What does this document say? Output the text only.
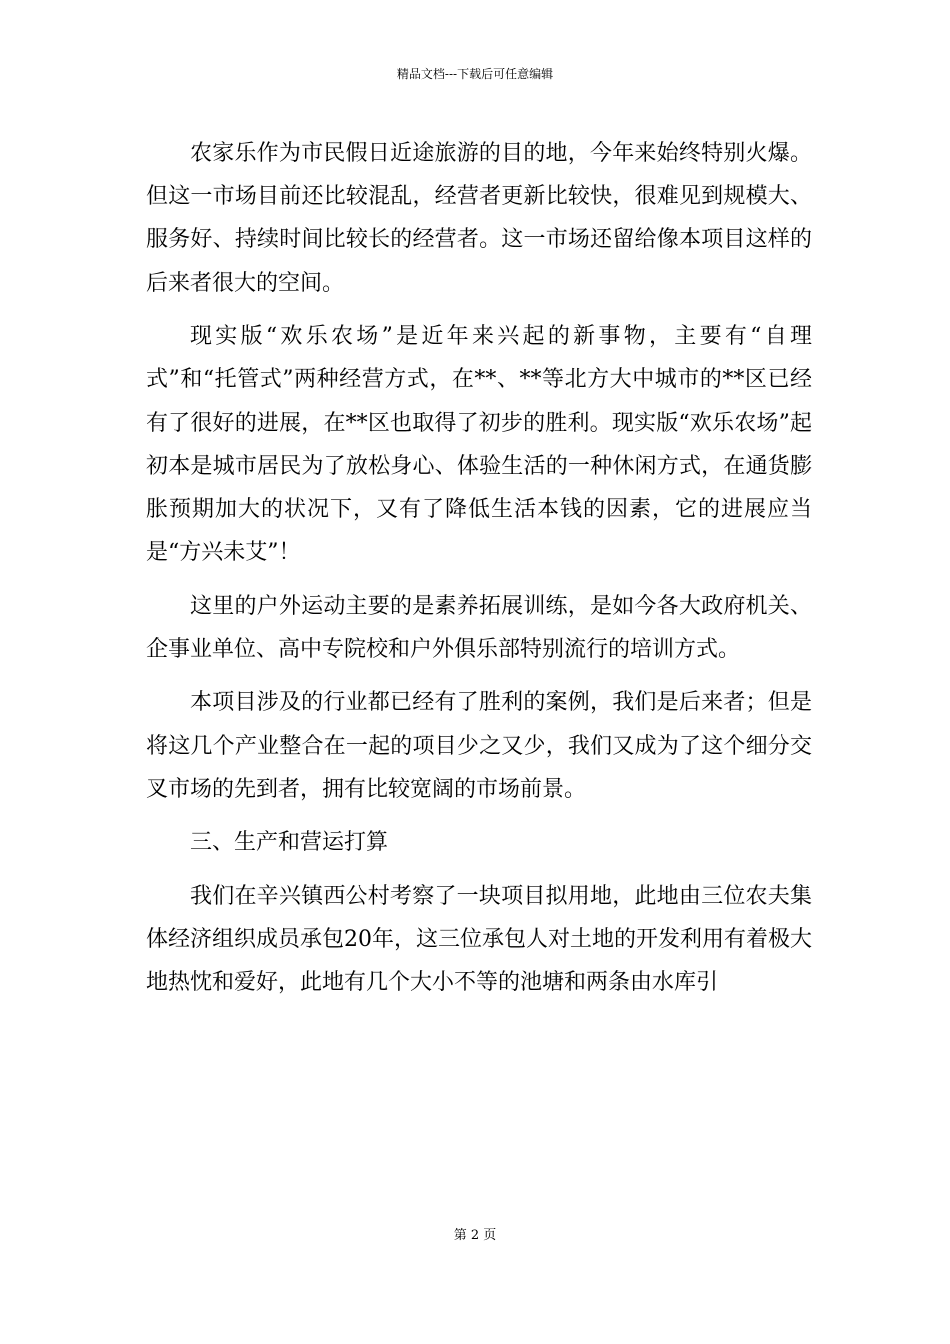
精品文档---下载后可任意编辑

农家乐作为市民假日近途旅游的目的地，今年来始终特别火爆。但这一市场目前还比较混乱，经营者更新比较快，很难见到规模大、服务好、持续时间比较长的经营者。这一市场还留给像本项目这样的后来者很大的空间。

现实版“欢乐农场”是近年来兴起的新事物，主要有“自理式”和“托管式”两种经营方式，在**、**等北方大中城市的**区已经有了很好的进展，在**区也取得了初步的胜利。现实版“欢乐农场”起初本是城市居民为了放松身心、体验生活的一种休闲方式，在通货膨胀预期加大的状况下，又有了降低生活本钱的因素，它的进展应当是“方兴未艾”！

这里的户外运动主要的是素养拓展训练，是如今各大政府机关、企事业单位、高中专院校和户外俱乐部特别流行的培训方式。

本项目涉及的行业都已经有了胜利的案例，我们是后来者；但是将这几个产业整合在一起的项目少之又少，我们又成为了这个细分交叉市场的先到者，拥有比较宽阔的市场前景。

三、生产和营运打算

我们在辛兴镇西公村考察了一块项目拟用地，此地由三位农夫集体经济组织成员承包20年，这三位承包人对土地的开发利用有着极大地热忱和爱好，此地有几个大小不等的池塘和两条由水库引

第 2 页
